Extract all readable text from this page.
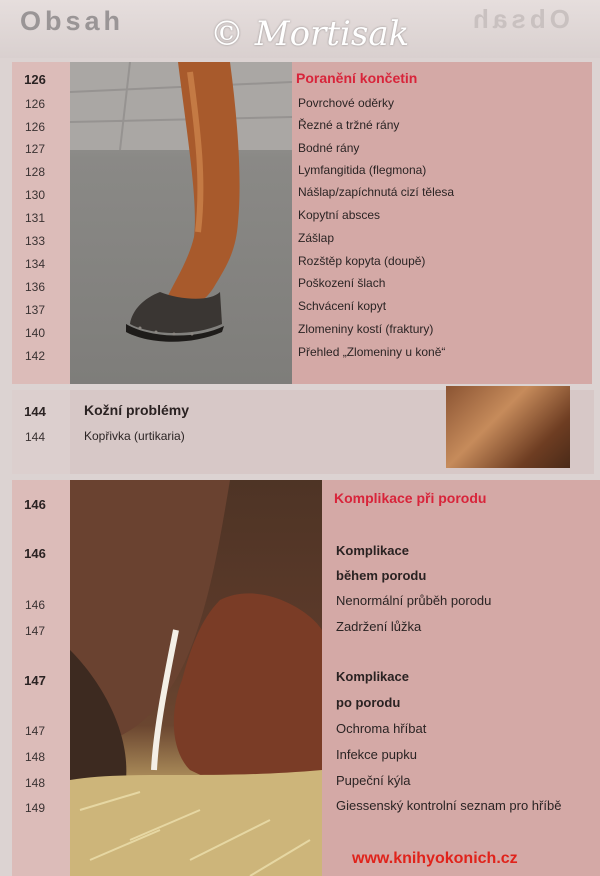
Obsah	Obsah
© Mortisak
126
126
126
127
128
130
131
133
134
136
137
140
142
Poranění končetin
Povrchové oděrky
Řezné a tržné rány
Bodné rány
Lymfangitida (flegmona)
Nášlap/zapíchnutá cizí tělesa
Kopytní absces
Zášlap
Rozštěp kopyta (doupě)
Poškození šlach
Schvácení kopyt
Zlomeniny kostí (fraktury)
Přehled „Zlomeniny u koně“
144
144
Kožní problémy
Kopřivka (urtikaria)
146
146
146
147
147
147
148
148
149
Komplikace při porodu
Komplikace
během porodu
Nenormální průběh porodu
Zadržení lůžka
Komplikace
po porodu
Ochroma hříbat
Infekce pupku
Pupeční kýla
Giessenský kontrolní seznam pro hříbě
www.knihyokonich.cz
